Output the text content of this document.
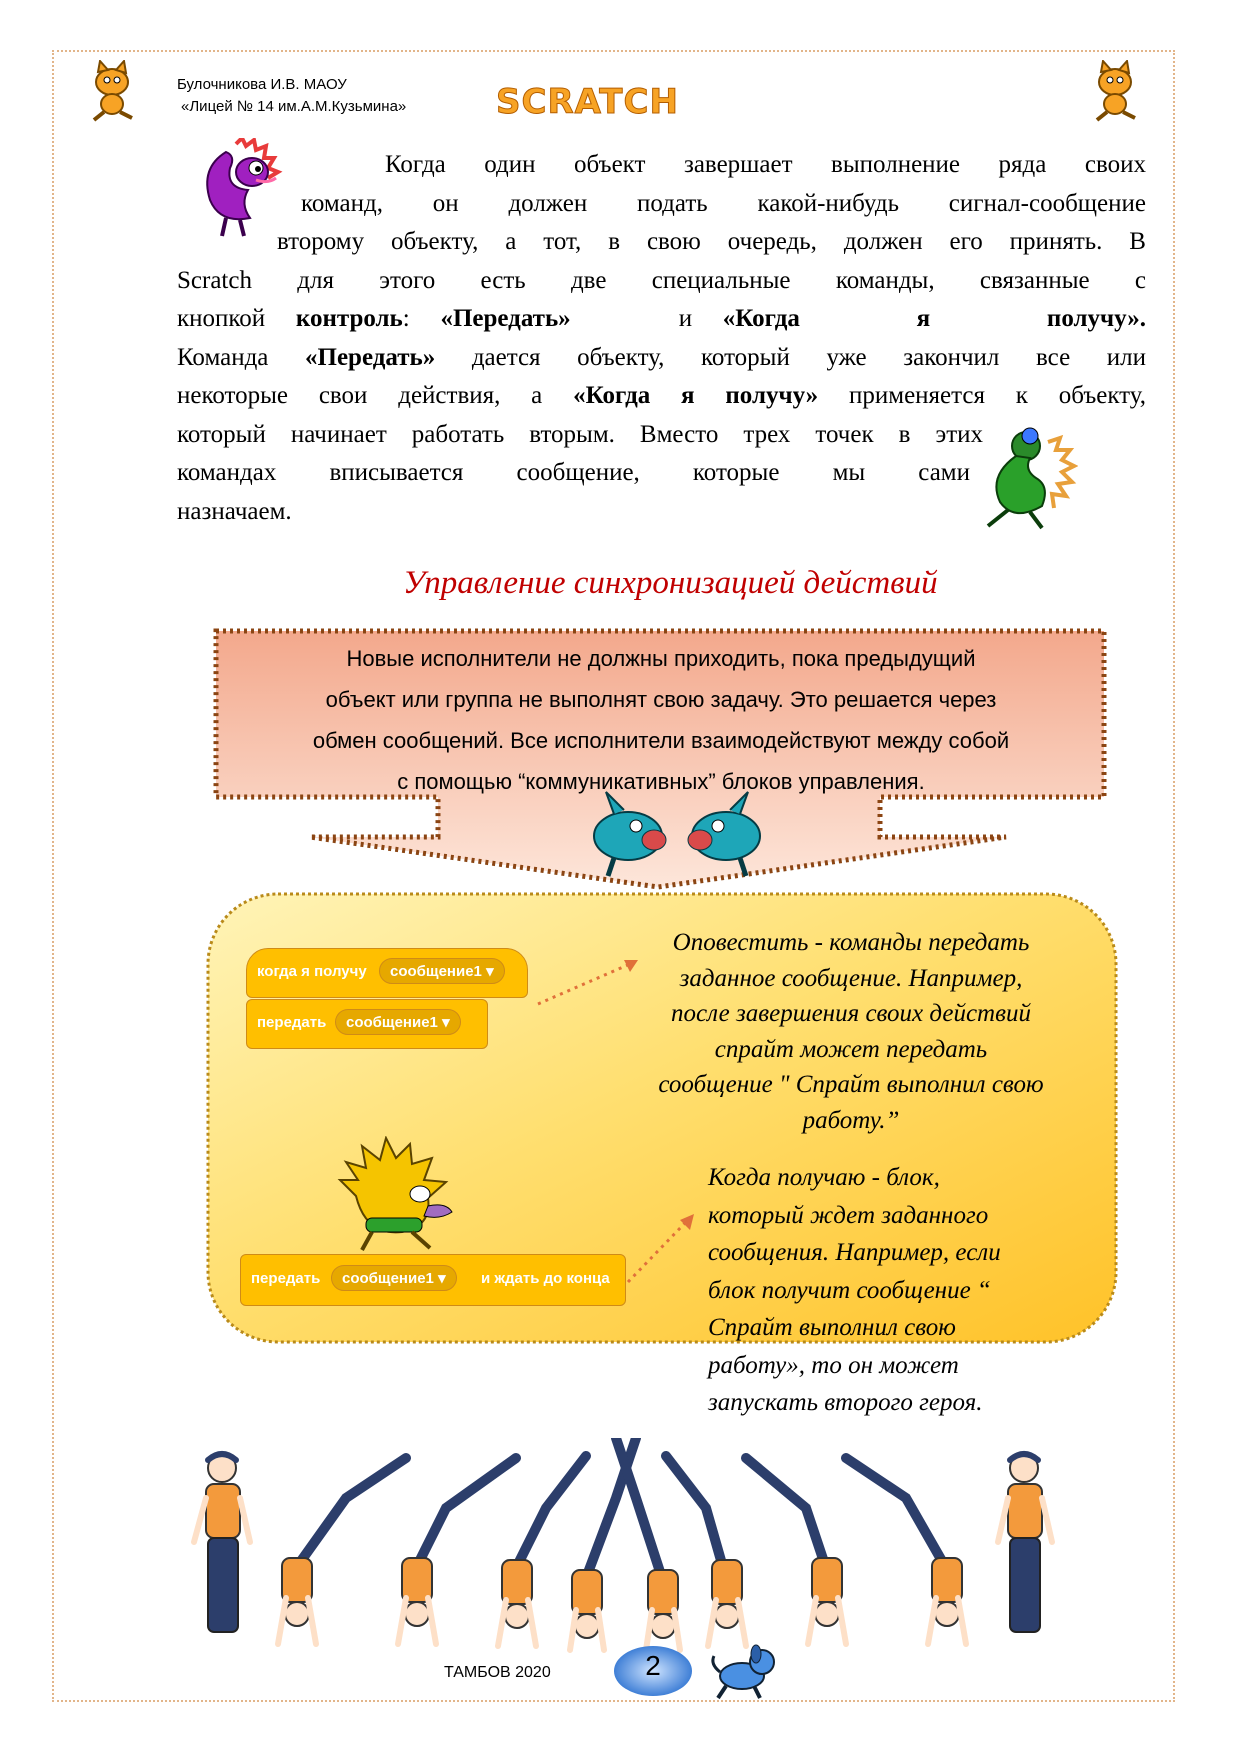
Булочникова И.В. МАОУ
«Лицей № 14 им.А.М.Кузьмина»	SCRATCH
Когда один объект завершает выполнение ряда своих
команд, он должен подать какой-нибудь сигнал-сообщение
второму объекту, а тот, в свою очередь, должен его принять. В
Scratch для этого есть две специальные команды, связанные с
кнопкой контроль: «Передать»	и «Когда я получу».
Команда «Передать» дается объекту, который уже закончил все или
некоторые свои действия, а «Когда я получу» применяется к объекту,
который начинает работать вторым. Вместо трех точек в этих
командах вписывается сообщение, которые мы сами
назначаем.
Управление синхронизацией действий
Новые исполнители не должны приходить, пока предыдущий
объект или группа не выполнят свою задачу. Это решается через
обмен сообщений. Все исполнители взаимодействуют между собой
с помощью “коммуникативных” блоков управления.
когда я получу	сообщение1 ▾
передать	сообщение1 ▾
Оповестить - команды передать
заданное сообщение. Например,
после завершения своих действий
спрайт может передать
сообщение " Спрайт выполнил свою
работу.”
передать	сообщение1 ▾	и ждать до конца
Когда получаю - блок,
который ждет заданного
сообщения. Например, если
блок получит сообщение “
Спрайт выполнил свою
работу», то он может
запускать второго героя.
ТАМБОВ 2020	2
